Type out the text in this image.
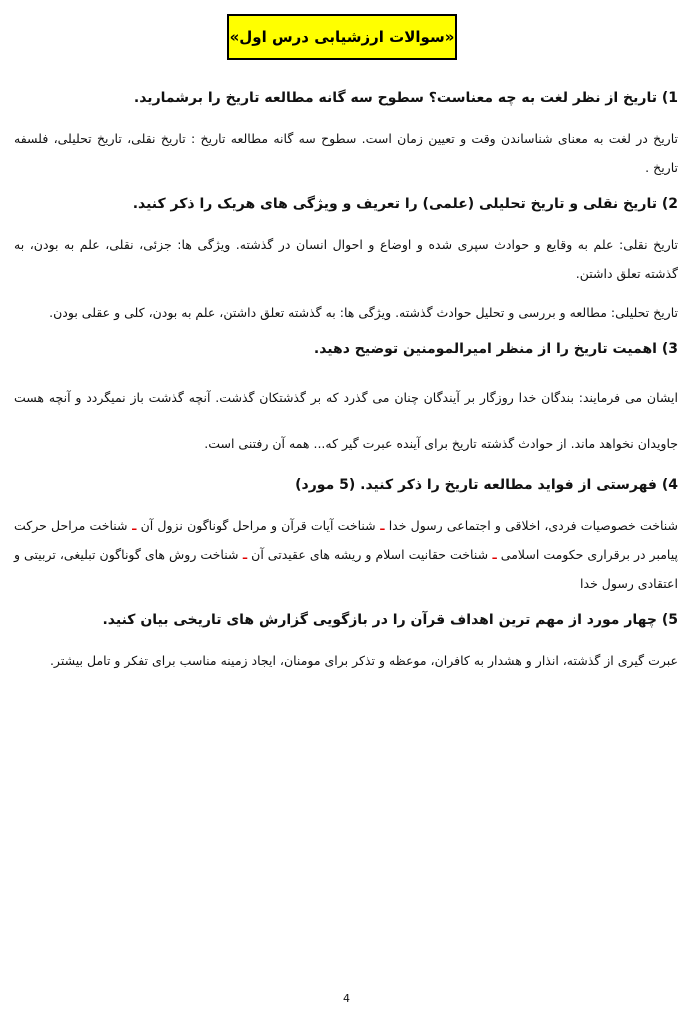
«سوالات ارزشیابی درس اول»
1) تاریخ از نظر لغت به چه معناست؟ سطوح سه گانه مطالعه تاریخ را برشمارید.
تاریخ در لغت به معنای شناساندن وقت و تعیین زمان است. سطوح سه گانه مطالعه تاریخ : تاریخ نقلی، تاریخ تحلیلی، فلسفه تاریخ .
2) تاریخ نقلی و تاریخ تحلیلی (علمی) را تعریف و ویژگی های هریک را ذکر کنید.
تاریخ نقلی: علم به وقایع و حوادث سپری شده و اوضاع و احوال انسان در گذشته. ویژگی ها: جزئی، نقلی، علم به بودن، به گذشته تعلق داشتن.
تاریخ تحلیلی: مطالعه و بررسی و تحلیل حوادث گذشته. ویژگی ها: به گذشته تعلق داشتن، علم به بودن، کلی و عقلی بودن.
3) اهمیت تاریخ را از منظر امیرالمومنین توضیح دهید.
ایشان می فرمایند: بندگان خدا روزگار بر آیندگان چنان می گذرد که بر گذشتکان گذشت. آنچه گذشت باز نمیگردد و آنچه هست جاویدان نخواهد ماند. از حوادث گذشته تاریخ برای آینده عبرت گیر که... همه آن رفتنی است.
4) فهرستی از فواید مطالعه تاریخ را ذکر کنید. (5 مورد)
شناخت خصوصیات فردی، اخلاقی و اجتماعی رسول خدا ـ شناخت آیات قرآن و مراحل گوناگون نزول آن ـ شناخت مراحل حرکت پیامبر در برقراری حکومت اسلامی ـ شناخت حقانیت اسلام و ریشه های عقیدتی آن ـ شناخت روش های گوناگون تبلیغی، تربیتی و اعتقادی رسول خدا
5) چهار مورد از مهم ترین اهداف قرآن را در بازگویی گزارش های تاریخی بیان کنید.
عبرت گیری از گذشته، انذار و هشدار به کافران، موعظه و تذکر برای مومنان، ایجاد زمینه مناسب برای تفکر و تامل بیشتر.
4
